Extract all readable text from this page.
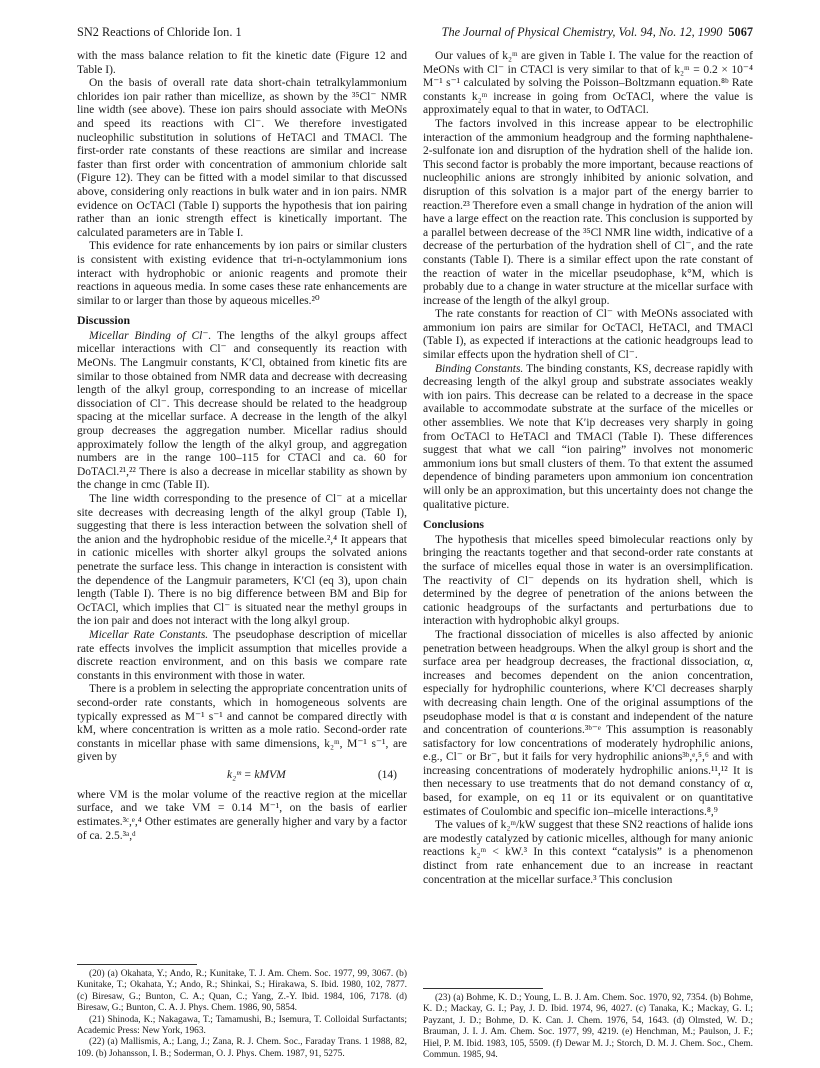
SN2 Reactions of Chloride Ion. 1	The Journal of Physical Chemistry, Vol. 94, No. 12, 1990 5067

with the mass balance relation to fit the kinetic date (Figure 12 and Table I).

On the basis of overall rate data short-chain tetralkylammonium chlorides ion pair rather than micellize, as shown by the ³⁵Cl⁻ NMR line width (see above). These ion pairs should associate with MeONs and speed its reactions with Cl⁻. We therefore investigated nucleophilic substitution in solutions of HeTACl and TMACl. The first-order rate constants of these reactions are similar and increase faster than first order with concentration of ammonium chloride salt (Figure 12). They can be fitted with a model similar to that discussed above, considering only reactions in bulk water and in ion pairs. NMR evidence on OcTACl (Table I) supports the hypothesis that ion pairing rather than an ionic strength effect is kinetically important. The calculated parameters are in Table I.

This evidence for rate enhancements by ion pairs or similar clusters is consistent with existing evidence that tri-n-octylammonium ions interact with hydrophobic or anionic reagents and promote their reactions in aqueous media. In some cases these rate enhancements are similar to or larger than those by aqueous micelles.²⁰

Discussion

Micellar Binding of Cl⁻. The lengths of the alkyl groups affect micellar interactions with Cl⁻ and consequently its reaction with MeONs. The Langmuir constants, K′Cl, obtained from kinetic fits are similar to those obtained from NMR data and decrease with decreasing length of the alkyl group, corresponding to an increase of micellar dissociation of Cl⁻. This decrease should be related to the headgroup spacing at the micellar surface. A decrease in the length of the alkyl group decreases the aggregation number. Micellar radius should approximately follow the length of the alkyl group, and aggregation numbers are in the range 100–115 for CTACl and ca. 60 for DoTACl.²¹,²² There is also a decrease in micellar stability as shown by the change in cmc (Table II).

The line width corresponding to the presence of Cl⁻ at a micellar site decreases with decreasing length of the alkyl group (Table I), suggesting that there is less interaction between the solvation shell of the anion and the hydrophobic residue of the micelle.²,⁴ It appears that in cationic micelles with shorter alkyl groups the solvated anions penetrate the surface less. This change in interaction is consistent with the dependence of the Langmuir parameters, K′Cl (eq 3), upon chain length (Table I). There is no big difference between BM and Bip for OcTACl, which implies that Cl⁻ is situated near the methyl groups in the ion pair and does not interact with the long alkyl group.

Micellar Rate Constants. The pseudophase description of micellar rate effects involves the implicit assumption that micelles provide a discrete reaction environment, and on this basis we compare rate constants in this environment with those in water.

There is a problem in selecting the appropriate concentration units of second-order rate constants, which in homogeneous solvents are typically expressed as M⁻¹ s⁻¹ and cannot be compared directly with kM, where concentration is written as a mole ratio. Second-order rate constants in micellar phase with same dimensions, k₂ᵐ, M⁻¹ s⁻¹, are given by

k₂ᵐ = kMVM	(14)

where VM is the molar volume of the reactive region at the micellar surface, and we take VM = 0.14 M⁻¹, on the basis of earlier estimates.³ᶜ,ᵉ,⁴ Other estimates are generally higher and vary by a factor of ca. 2.5.³ᵃ,ᵈ

Our values of k₂ᵐ are given in Table I. The value for the reaction of MeONs with Cl⁻ in CTACl is very similar to that of k₂ᵐ = 0.2 × 10⁻⁴ M⁻¹ s⁻¹ calculated by solving the Poisson–Boltzmann equation.⁸ᵇ Rate constants k₂ᵐ increase in going from OcTACl, where the value is approximately equal to that in water, to OdTACl.

The factors involved in this increase appear to be electrophilic interaction of the ammonium headgroup and the forming naphthalene-2-sulfonate ion and disruption of the hydration shell of the halide ion. This second factor is probably the more important, because reactions of nucleophilic anions are strongly inhibited by anionic solvation, and disruption of this solvation is a major part of the energy barrier to reaction.²³ Therefore even a small change in hydration of the anion will have a large effect on the reaction rate. This conclusion is supported by a parallel between decrease of the ³⁵Cl NMR line width, indicative of a decrease of the perturbation of the hydration shell of Cl⁻, and the rate constants (Table I). There is a similar effect upon the rate constant of the reaction of water in the micellar pseudophase, k°M, which is probably due to a change in water structure at the micellar surface with increase of the length of the alkyl group.

The rate constants for reaction of Cl⁻ with MeONs associated with ammonium ion pairs are similar for OcTACl, HeTACl, and TMACl (Table I), as expected if interactions at the cationic headgroups lead to similar effects upon the hydration shell of Cl⁻.

Binding Constants. The binding constants, KS, decrease rapidly with decreasing length of the alkyl group and substrate associates weakly with ion pairs. This decrease can be related to a decrease in the space available to accommodate substrate at the surface of the micelles or other assemblies. We note that K′ip decreases very sharply in going from OcTACl to HeTACl and TMACl (Table I). These differences suggest that what we call “ion pairing” involves not monomeric ammonium ions but small clusters of them. To that extent the assumed dependence of binding parameters upon ammonium ion concentration will only be an approximation, but this uncertainty does not change the qualitative picture.

Conclusions

The hypothesis that micelles speed bimolecular reactions only by bringing the reactants together and that second-order rate constants at the surface of micelles equal those in water is an oversimplification. The reactivity of Cl⁻ depends on its hydration shell, which is determined by the degree of penetration of the anions between the cationic headgroups of the surfactants and perturbations due to interaction with hydrophobic alkyl groups.

The fractional dissociation of micelles is also affected by anionic penetration between headgroups. When the alkyl group is short and the surface area per headgroup decreases, the fractional dissociation, α, increases and becomes dependent on the anion concentration, especially for hydrophilic counterions, where K′Cl decreases sharply with decreasing chain length. One of the original assumptions of the pseudophase model is that α is constant and independent of the nature and concentration of counterions.³ᵇ⁻ᵉ This assumption is reasonably satisfactory for low concentrations of moderately hydrophilic anions, e.g., Cl⁻ or Br⁻, but it fails for very hydrophilic anions³ᵇ,ᵉ,⁵,⁶ and with increasing concentrations of moderately hydrophilic anions.¹¹,¹² It is then necessary to use treatments that do not demand constancy of α, based, for example, on eq 11 or its equivalent or on quantitative estimates of Coulombic and specific ion–micelle interactions.⁸,⁹

The values of k₂ᵐ/kW suggest that these SN2 reactions of halide ions are modestly catalyzed by cationic micelles, although for many anionic reactions k₂ᵐ < kW.³ In this context “catalysis” is a phenomenon distinct from rate enhancement due to an increase in reactant concentration at the micellar surface.³ This conclusion

(20) (a) Okahata, Y.; Ando, R.; Kunitake, T. J. Am. Chem. Soc. 1977, 99, 3067. (b) Kunitake, T.; Okahata, Y.; Ando, R.; Shinkai, S.; Hirakawa, S. Ibid. 1980, 102, 7877. (c) Biresaw, G.; Bunton, C. A.; Quan, C.; Yang, Z.-Y. Ibid. 1984, 106, 7178. (d) Biresaw, G.; Bunton, C. A. J. Phys. Chem. 1986, 90, 5854.

(21) Shinoda, K.; Nakagawa, T.; Tamamushi, B.; Isemura, T. Colloidal Surfactants; Academic Press: New York, 1963.

(22) (a) Mallismis, A.; Lang, J.; Zana, R. J. Chem. Soc., Faraday Trans. 1 1988, 82, 109. (b) Johansson, I. B.; Soderman, O. J. Phys. Chem. 1987, 91, 5275.

(23) (a) Bohme, K. D.; Young, L. B. J. Am. Chem. Soc. 1970, 92, 7354. (b) Bohme, K. D.; Mackay, G. I.; Pay, J. D. Ibid. 1974, 96, 4027. (c) Tanaka, K.; Mackay, G. I.; Payzant, J. D.; Bohme, D. K. Can. J. Chem. 1976, 54, 1643. (d) Olmsted, W. D.; Brauman, J. I. J. Am. Chem. Soc. 1977, 99, 4219. (e) Henchman, M.; Paulson, J. F.; Hiel, P. M. Ibid. 1983, 105, 5509. (f) Dewar M. J.; Storch, D. M. J. Chem. Soc., Chem. Commun. 1985, 94.
